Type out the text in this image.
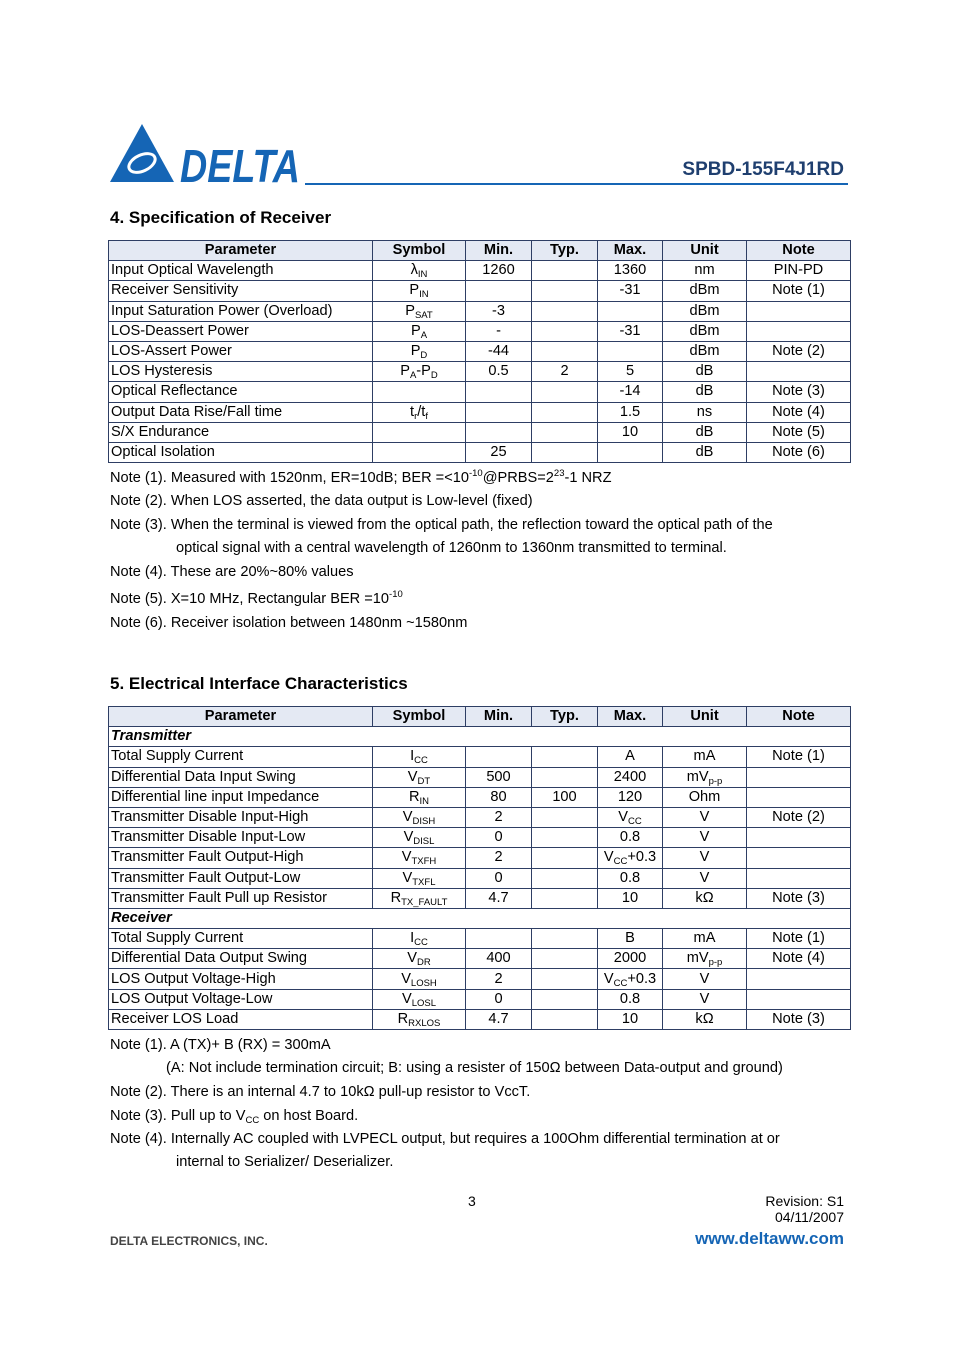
DELTA	SPBD-155F4J1RD
4. Specification of Receiver
Parameter	Symbol	Min.	Typ.	Max.	Unit	Note
Input Optical Wavelength	$\lambda_{IN}$	1260		1360	nm	PIN-PD
Receiver Sensitivity	$P_{IN}$			-31	dBm	Note (1)
Input Saturation Power (Overload)	$P_{SAT}$	-3			dBm	
LOS-Deassert Power	$P_A$	-		-31	dBm	
LOS-Assert Power	$P_D$	-44			dBm	Note (2)
LOS Hysteresis	$P_A-P_D$	0.5	2	5	dB	
Optical Reflectance				-14	dB	Note (3)
Output Data Rise/Fall time	$t_r/t_f$			1.5	ns	Note (4)
S/X Endurance				10	dB	Note (5)
Optical Isolation		25			dB	Note (6)
Note (1). Measured with 1520nm, ER=10dB; BER $=<10^{-10}@PRBS=2^{23}-1$ NRZ
Note (2). When LOS asserted, the data output is Low-level (fixed)
Note (3). When the terminal is viewed from the optical path, the reflection toward the optical path of the
optical signal with a central wavelength of 1260nm to 1360nm transmitted to terminal.
Note (4). These are 20%~80% values
Note (5). X=10 MHz, Rectangular BER $=10^{-10}$
Note (6). Receiver isolation between 1480nm ~1580nm
5. Electrical Interface Characteristics
Parameter	Symbol	Min.	Typ.	Max.	Unit	Note
Transmitter						
Total Supply Current	$I_{CC}$			A	mA	Note (1)
Differential Data Input Swing	$V_{DT}$	500		2400	$mV_{p-p}$	
Differential line input Impedance	$R_{IN}$	80	100	120	Ohm	
Transmitter Disable Input-High	$V_{DISH}$	2		$V_{CC}$	V	Note (2)
Transmitter Disable Input-Low	$V_{DISL}$	0		0.8	V	
Transmitter Fault Output-High	$V_{TXFH}$	2		$V_{CC}+0.3$	V	
Transmitter Fault Output-Low	$V_{TXFL}$	0		0.8	V	
Transmitter Fault Pull up Resistor	$R_{TX\_FAULT}$	4.7		10	kΩ	Note (3)
Receiver						
Total Supply Current	$I_{CC}$			B	mA	Note (1)
Differential Data Output Swing	$V_{DR}$	400		2000	$mV_{p-p}$	Note (4)
LOS Output Voltage-High	$V_{LOSH}$	2		$V_{CC}+0.3$	V	
LOS Output Voltage-Low	$V_{LOSL}$	0		0.8	V	
Receiver LOS Load	$R_{RXLOS}$	4.7		10	kΩ	Note (3)
Note (1). A (TX)+ B (RX) = 300mA
(A: Not include termination circuit; B: using a resister of 150Ω between Data-output and ground)
Note (2). There is an internal 4.7 to 10kΩ pull-up resistor to VccT.
Note (3). Pull up to $V_{CC}$ on host Board.
Note (4). Internally AC coupled with LVPECL output, but requires a 100Ohm differential termination at or
internal to Serializer/ Deserializer.
3	Revision: S1
04/11/2007
DELTA ELECTRONICS, INC.	www.deltaww.com
